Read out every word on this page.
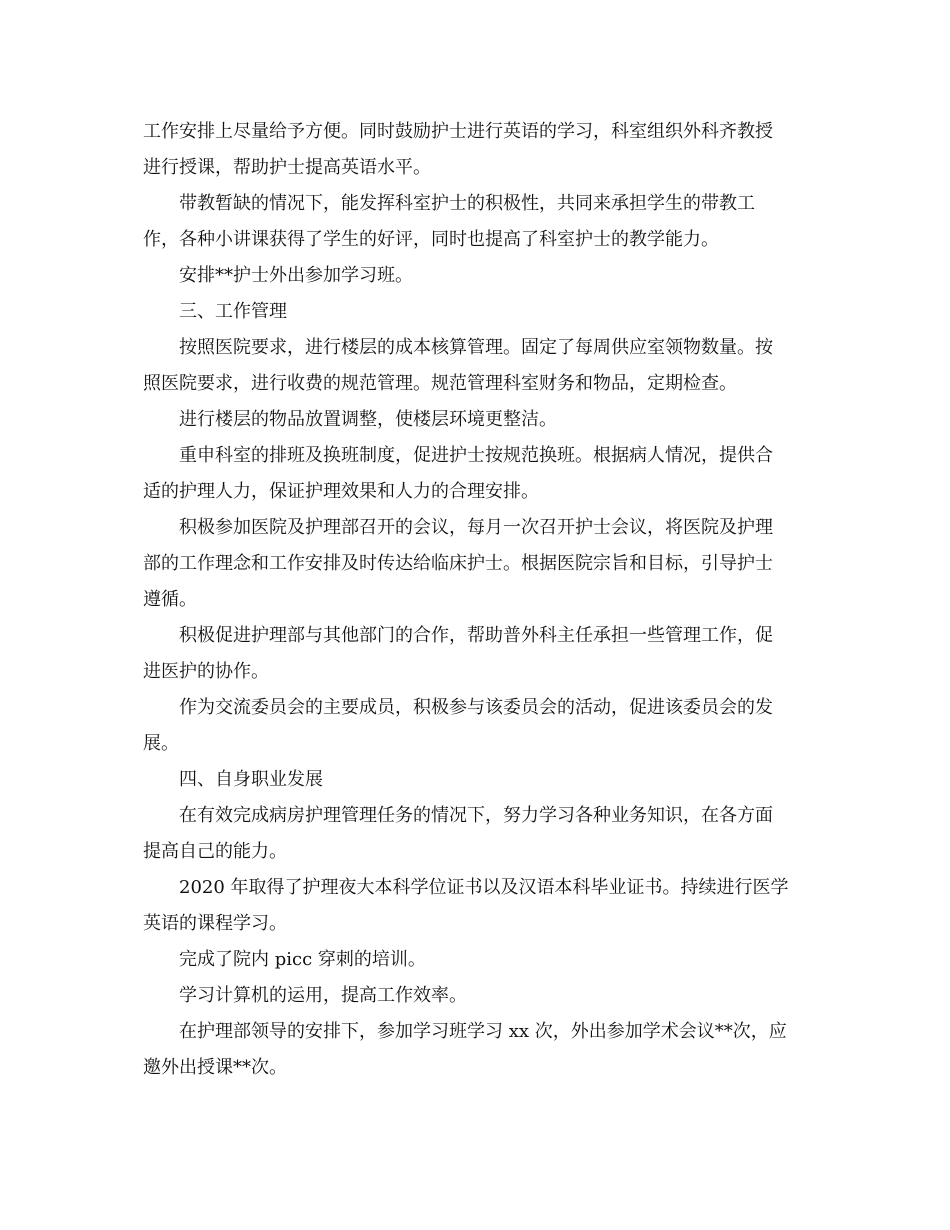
工作安排上尽量给予方便。同时鼓励护士进行英语的学习，科室组织外科齐教授
进行授课，帮助护士提高英语水平。
带教暂缺的情况下，能发挥科室护士的积极性，共同来承担学生的带教工
作，各种小讲课获得了学生的好评，同时也提高了科室护士的教学能力。
安排**护士外出参加学习班。
三、工作管理
按照医院要求，进行楼层的成本核算管理。固定了每周供应室领物数量。按
照医院要求，进行收费的规范管理。规范管理科室财务和物品，定期检查。
进行楼层的物品放置调整，使楼层环境更整洁。
重申科室的排班及换班制度，促进护士按规范换班。根据病人情况，提供合
适的护理人力，保证护理效果和人力的合理安排。
积极参加医院及护理部召开的会议，每月一次召开护士会议，将医院及护理
部的工作理念和工作安排及时传达给临床护士。根据医院宗旨和目标，引导护士
遵循。
积极促进护理部与其他部门的合作，帮助普外科主任承担一些管理工作，促
进医护的协作。
作为交流委员会的主要成员，积极参与该委员会的活动，促进该委员会的发
展。
四、自身职业发展
在有效完成病房护理管理任务的情况下，努力学习各种业务知识，在各方面
提高自己的能力。
2020 年取得了护理夜大本科学位证书以及汉语本科毕业证书。持续进行医学
英语的课程学习。
完成了院内 picc 穿刺的培训。
学习计算机的运用，提高工作效率。
在护理部领导的安排下，参加学习班学习 xx 次，外出参加学术会议**次，应
邀外出授课**次。
